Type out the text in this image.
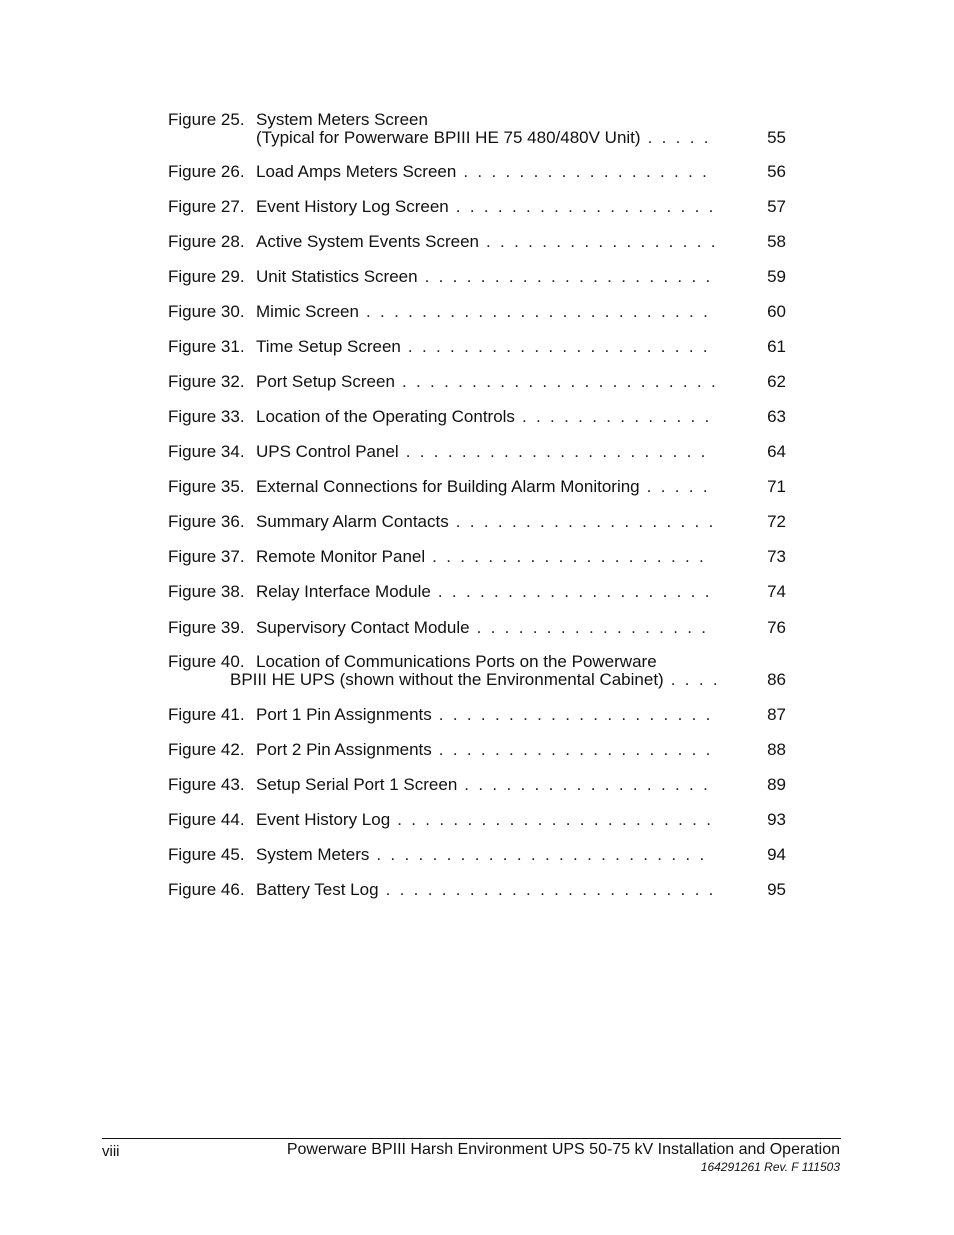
Figure 25. System Meters Screen
(Typical for Powerware BPIII HE 75 480/480V Unit) . . . . .	55
Figure 26. Load Amps Meters Screen . . . . . . . . . . . . . . . . . .	56
Figure 27. Event History Log Screen . . . . . . . . . . . . . . . . . . .	57
Figure 28. Active System Events Screen . . . . . . . . . . . . . . . . .	58
Figure 29. Unit Statistics Screen . . . . . . . . . . . . . . . . . . . . .	59
Figure 30. Mimic Screen . . . . . . . . . . . . . . . . . . . . . . . . .	60
Figure 31. Time Setup Screen . . . . . . . . . . . . . . . . . . . . . .	61
Figure 32. Port Setup Screen . . . . . . . . . . . . . . . . . . . . . . .	62
Figure 33. Location of the Operating Controls . . . . . . . . . . . . . .	63
Figure 34. UPS Control Panel . . . . . . . . . . . . . . . . . . . . . .	64
Figure 35. External Connections for Building Alarm Monitoring . . . . .	71
Figure 36. Summary Alarm Contacts . . . . . . . . . . . . . . . . . . .	72
Figure 37. Remote Monitor Panel . . . . . . . . . . . . . . . . . . . .	73
Figure 38. Relay Interface Module . . . . . . . . . . . . . . . . . . . .	74
Figure 39. Supervisory Contact Module . . . . . . . . . . . . . . . . .	76
Figure 40. Location of Communications Ports on the Powerware
BPIII HE UPS (shown without the Environmental Cabinet) . . . .	86
Figure 41. Port 1 Pin Assignments . . . . . . . . . . . . . . . . . . . .	87
Figure 42. Port 2 Pin Assignments . . . . . . . . . . . . . . . . . . . .	88
Figure 43. Setup Serial Port 1 Screen . . . . . . . . . . . . . . . . . .	89
Figure 44. Event History Log . . . . . . . . . . . . . . . . . . . . . . .	93
Figure 45. System Meters . . . . . . . . . . . . . . . . . . . . . . . .	94
Figure 46. Battery Test Log . . . . . . . . . . . . . . . . . . . . . . . .	95
viii	Powerware BPIII Harsh Environment UPS 50-75 kV Installation and Operation
164291261 Rev. F 111503
